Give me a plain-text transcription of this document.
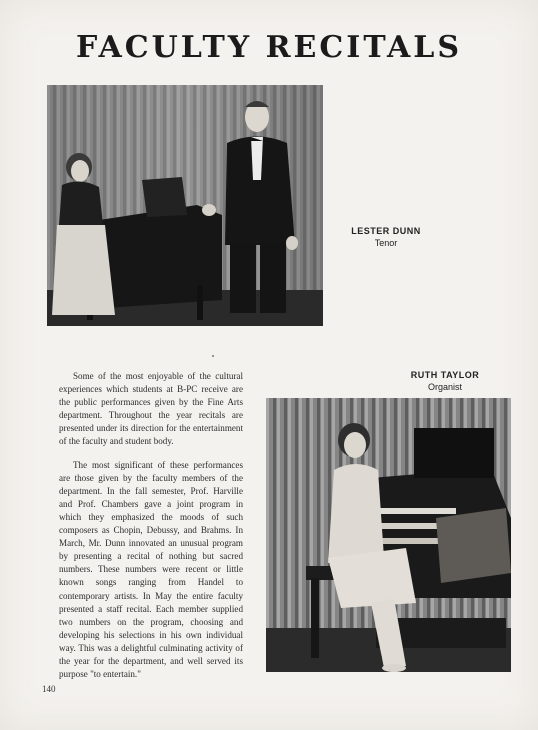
FACULTY RECITALS
LESTER DUNN
Tenor
RUTH TAYLOR
Organist

Some of the most enjoyable of the cultural experiences which students at B-PC receive are the public performances given by the Fine Arts department. Throughout the year recitals are presented under its direction for the entertainment of the faculty and student body.

The most significant of these performances are those given by the faculty members of the department. In the fall semester, Prof. Harville and Prof. Chambers gave a joint program in which they emphasized the moods of such composers as Chopin, Debussy, and Brahms. In March, Mr. Dunn innovated an unusual program by presenting a recital of nothing but sacred numbers. These numbers were recent or little known songs ranging from Handel to contemporary artists. In May the entire faculty presented a staff recital. Each member supplied two numbers on the program, choosing and developing his selections in his own individual way. This was a delightful culminating activity of the year for the department, and well served its purpose "to entertain."

140
